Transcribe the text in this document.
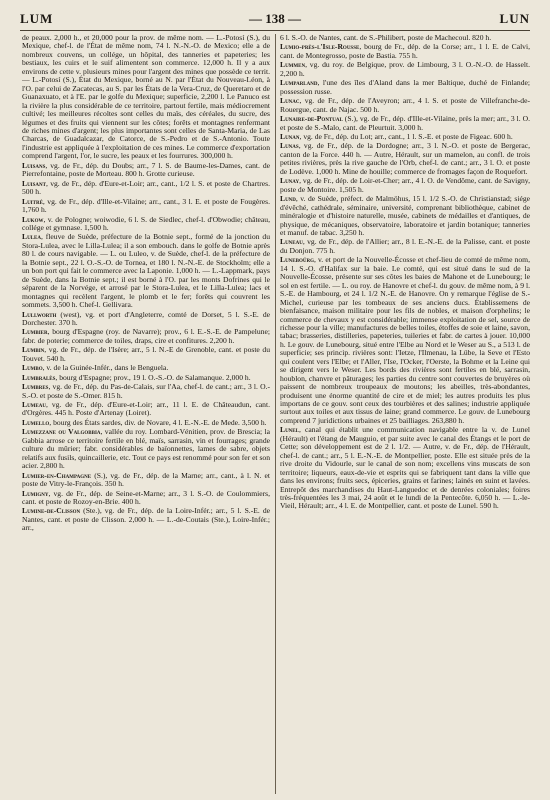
LUM	— 138 —	LUN

de peaux. 2,000 h., et 20,000 pour la prov. de même nom. — L.-Potosí (S.), du Mexique, chef-l. de l'État de même nom, 74 l. N.-N.-O. de Mexico; elle a de nombreux couvens, un collége, un hôpital, des tanneries et papeteries; les bestiaux, les cuirs et le suif alimentent son commerce. 12,000 h. Il y a aux environs de cette v. plusieurs mines pour l'argent des mines que possède ce territ. — L.-Potosí (S.), État du Mexique, borné au N. par l'État du Nouveau-Léon, à l'O. par celui de Zacatecas, au S. par les États de la Vera-Cruz, de Queretaro et de Guanaxuato, et à l'E. par le golfe du Mexique; superficie, 2,200 l. Le Panuco est la rivière la plus considérable de ce territoire, partout fertile, mais médiocrement cultivé; les meilleures récoltes sont celles du maïs, des céréales, du sucre, des légumes et des fruits qui viennent sur les côtes; forêts et montagnes renfermant de riches mines d'argent; les plus importantes sont celles de Santa-Maria, de Las Charcas, de Guadalcazar, de Catorce, de S.-Pedro et de S.-Antonio. Toute l'industrie est appliquée à l'exploitation de ces mines. Le commerce d'exportation comprend l'argent, l'or, le sucre, les peaux et les fourrures. 300,000 h.

Luisans, vg. de Fr., dép. du Doubs; arr., 7 l. S. de Baume-les-Dames, cant. de Pierrefontaine, poste de Morteau. 800 h. Grotte curieuse.

Luisant, vg. de Fr., dép. d'Eure-et-Loir; arr., cant., 1/2 l. S. et poste de Chartres. 500 h.

Luitré, vg. de Fr., dép. d'Ille-et-Vilaine; arr., cant., 3 l. E. et poste de Fougères. 1,760 h.

Lukow, v. de Pologne; woiwodie, 6 l. S. de Siedlec, chef-l. d'Obwodie; château, collége et gymnase. 1,500 h.

Lulea, fleuve de Suède, préfecture de la Botnie sept., formé de la jonction du Stora-Lulea, avec le Lilla-Lulea; il a son embouch. dans le golfe de Botnie après 80 l. de cours navigable. — L. ou Luleo, v. de Suède, chef-l. de la préfecture de la Botnie sept., 22 l. O.-S.-O. de Tornea, et 180 l. N.-N.-E. de Stockholm; elle a un bon port qui fait le commerce avec la Laponie. 1,000 h. — L.-Lappmark, pays de Suède, dans la Botnie sept.; il est borné à l'O. par les monts Dofrines qui le séparent de la Norvége, et arrosé par le Stora-Lulea, et le Lilla-Lulea; lacs et montagnes qui recèlent l'argent, le plomb et le fer; forêts qui couvrent les sommets. 3,500 h. Chef-l. Gellivara.

Lullworth (west), vg. et port d'Angleterre, comté de Dorset, 5 l. S.-E. de Dorchester. 370 h.

Lumbier, bourg d'Espagne (roy. de Navarre); prov., 6 l. E.-S.-E. de Pampelune; fabr. de poterie; commerce de toiles, draps, cire et confitures. 2,200 h.

Lumbin, vg. de Fr., dép. de l'Isère; arr., 5 l. N.-E de Grenoble, cant. et poste du Touvet. 540 h.

Lumbo, v. de la Guinée-Infér., dans le Benguela.

Lumbralès, bourg d'Espagne; prov., 19 l. O.-S.-O. de Salamanque. 2,000 h.

Lumbres, vg. de Fr., dép. du Pas-de-Calais, sur l'Aa, chef-l. de cant.; arr., 3 l. O.-S.-O. et poste de S.-Omer. 815 h.

Lumeau, vg. de Fr., dép. d'Eure-et-Loir; arr., 11 l. E. de Châteaudun, cant. d'Orgères. 445 h. Poste d'Artenay (Loiret).

Lumello, bourg des États sardes, div. de Novare, 4 l. E.-N.-E. de Mede. 3,500 h.

Lumezzane ou Valgobbia, vallée du roy. Lombard-Vénitien, prov. de Brescia; la Gabbia arrose ce territoire fertile en blé, maïs, sarrasin, vin et fourrages; grande culture du mûrier; fabr. considérables de baïonnettes, lames de sabre, objets relatifs aux fusils, quincaillerie, etc. Tout ce pays est renommé pour son fer et son acier. 2,800 h.

Lumier-en-Champagne (S.), vg. de Fr., dép. de la Marne; arr., cant., à l. N. et poste de Vitry-le-François. 350 h.

Lumigny, vg. de Fr., dép. de Seine-et-Marne; arr., 3 l. S.-O. de Coulommiers, cant. et poste de Rozoy-en-Brie. 400 h.

Lumine-de-Clisson (Ste.), vg. de Fr., dép. de la Loire-Infér.; arr., 5 l. S.-E. de Nantes, cant. et poste de Clisson. 2,000 h. — L.-de-Coutais (Ste.), Loire-Infér.; arr.,

6 l. S.-O. de Nantes, cant. de S.-Philibert, poste de Machecoul. 820 h.

Lumio-près-l'Isle-Rousse, bourg de Fr., dép. de la Corse; arr., 1 l. E. de Calvi, cant. de Montegrosso, poste de Bastia. 755 h.

Lummen, vg. du roy. de Belgique, prov. de Limbourg, 3 l. O.-N.-O. de Hasselt. 2,200 h.

Lumparland, l'une des îles d'Aland dans la mer Baltique, duché de Finlande; possession russe.

Lunac, vg. de Fr., dép. de l'Aveyron; arr., 4 l. S. et poste de Villefranche-de-Rouergue, cant. de Najac. 500 h.

Lunaire-de-Pontual (S.), vg. de Fr., dép. d'Ille-et-Vilaine, près la mer; arr., 3 l. O. et poste de S.-Malo, cant. de Pleurtuit. 3,000 h.

Lunan, vg. de Fr., dép. du Lot; arr., cant., 1 l. S.-E. et poste de Figeac. 600 h.

Lunas, vg. de Fr., dép. de la Dordogne; arr., 3 l. N.-O. et poste de Bergerac, canton de la Force. 440 h. — Autre, Hérault, sur un mamelon, au confl. de trois petites rivières, près la rive gauche de l'Orb, chef-l. de cant.; arr., 3 l. O. et poste de Lodève. 1,000 h. Mine de houille; commerce de fromages façon de Roquefort.

Lunay, vg. de Fr., dép. de Loir-et-Cher; arr., 4 l. O. de Vendôme, cant. de Savigny, poste de Montoire. 1,505 h.

Lund, v. de Suède, préfect. de Malmöhus, 15 l. 1/2 S.-O. de Christianstad; siége d'évêché, cathédrale, séminaire, université, comprenant bibliothèque, cabinet de minéralogie et d'histoire naturelle, musée, cabinets de médailles et d'antiques, de physique, de mécaniques, observatoire, laboratoire et jardin botanique; tanneries et manuf. de tabac. 3,250 h.

Luneau, vg. de Fr., dép. de l'Allier; arr., 8 l. E.-N.-E. de la Palisse, cant. et poste du Donjon. 775 h.

Luneboürg, v. et port de la Nouvelle-Écosse et chef-lieu de comté de même nom, 14 l. S.-O. d'Halifax sur la baie. Le comté, qui est situé dans le sud de la Nouvelle-Écosse, présente sur ses côtes les baies de Mahone et de Lunebourg; le sol en est fertile. — L. ou roy. de Hanovre et chef-l. du gouv. de même nom, à 9 l. S.-E. de Hambourg, et 24 l. 1/2 N.-E. de Hanovre. On y remarque l'église de S.-Michel, curieuse par les tombeaux de ses anciens ducs. Établissemens de bienfaisance, maison militaire pour les fils de nobles, et maison d'orphelins; le commerce de chevaux y est considérable; immense exploitation de sel, source de richesse pour la ville; manufactures de belles toiles, étoffes de soie et laine, savon, tabac; brasseries, distilleries, papeteries, tuileries et fabr. de cartes à jouer. 10,000 h. Le gouv. de Lunebourg, situé entre l'Elbe au Nord et le Weser au S., a 513 l. de superficie; ses princip. rivières sont: l'Ietze, l'Ilmenau, la Lübe, la Seve et l'Esto qui coulent vers l'Elbe; et l'Aller, l'Ise, l'Ocker, l'Oerste, la Bohme et la Leine qui se dirigent vers le Weser. Les bords des rivières sont fertiles en blé, sarrasin, houblon, chanvre et pâturages; les parties du centre sont couvertes de bruyères où paissent de nombreux troupeaux de moutons; les abeilles, très-abondantes, produisent une énorme quantité de cire et de miel; les autres produits les plus importans de ce gouv. sont ceux des tourbières et des salines; industrie appliquée surtout aux toiles et aux tissus de laine; grand commerce. Le gouv. de Lunebourg comprend 7 juridictions urbaines et 25 bailliages. 263,880 h.

Lunel, canal qui établit une communication navigable entre la v. de Lunel (Hérault) et l'étang de Mauguio, et par suite avec le canal des Étangs et le port de Cette; son développement est de 2 l. 1/2. — Autre, v. de Fr., dép. de l'Hérault, chef-l. de cant.; arr., 5 l. E.-N.-E. de Montpellier, poste. Elle est située près de la rive droite du Vidourle, sur le canal de son nom; excellens vins muscats de son territoire; liqueurs, eaux-de-vie et esprits qui se fabriquent tant dans la ville que dans les environs; fruits secs, épiceries, grains et farines; lainés en suint et lavées. Entrepôt des marchandises du Haut-Languedoc et de denrées coloniales; foires très-fréquentées les 3 mai, 24 août et le lundi de la Pentecôte. 6,050 h. — L.-le-Vieil, Hérault; arr., 4 l. E. de Montpellier, cant. et poste de Lunel. 590 h.
